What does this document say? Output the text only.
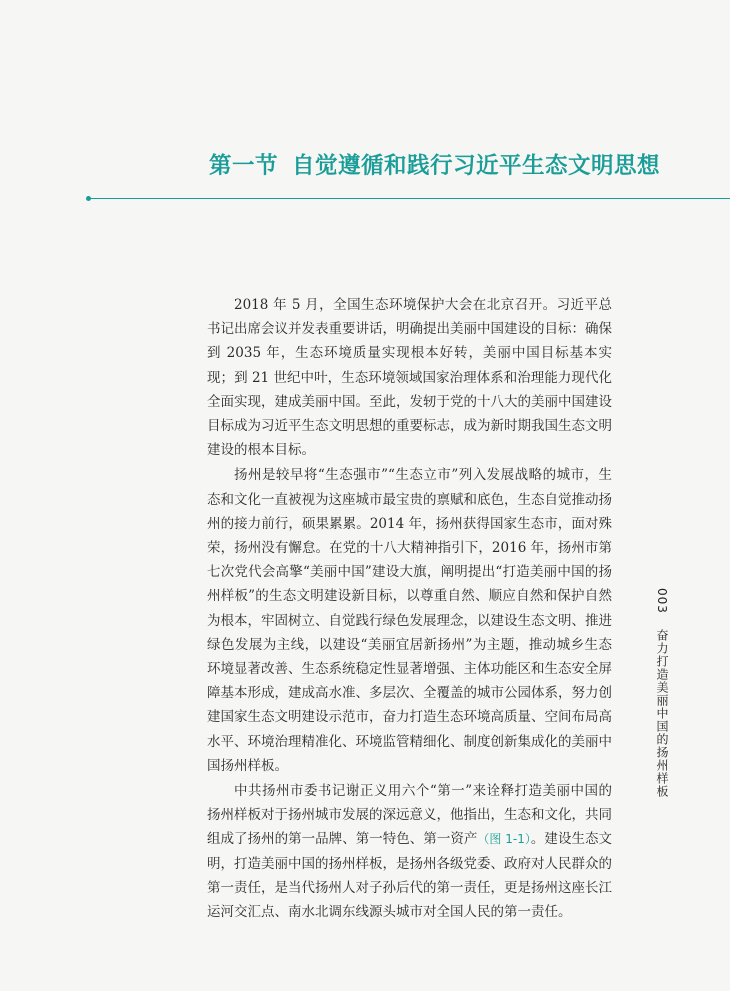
第一节 自觉遵循和践行习近平生态文明思想

2018 年 5 月，全国生态环境保护大会在北京召开。习近平总书记出席会议并发表重要讲话，明确提出美丽中国建设的目标：确保到 2035 年，生态环境质量实现根本好转，美丽中国目标基本实现；到 21 世纪中叶，生态环境领域国家治理体系和治理能力现代化全面实现，建成美丽中国。至此，发轫于党的十八大的美丽中国建设目标成为习近平生态文明思想的重要标志，成为新时期我国生态文明建设的根本目标。

扬州是较早将“生态强市”“生态立市”列入发展战略的城市，生态和文化一直被视为这座城市最宝贵的禀赋和底色，生态自觉推动扬州的接力前行，硕果累累。2014 年，扬州获得国家生态市，面对殊荣，扬州没有懈怠。在党的十八大精神指引下，2016 年，扬州市第七次党代会高擎“美丽中国”建设大旗，阐明提出“打造美丽中国的扬州样板”的生态文明建设新目标，以尊重自然、顺应自然和保护自然为根本，牢固树立、自觉践行绿色发展理念，以建设生态文明、推进绿色发展为主线，以建设“美丽宜居新扬州”为主题，推动城乡生态环境显著改善、生态系统稳定性显著增强、主体功能区和生态安全屏障基本形成，建成高水准、多层次、全覆盖的城市公园体系，努力创建国家生态文明建设示范市，奋力打造生态环境高质量、空间布局高水平、环境治理精准化、环境监管精细化、制度创新集成化的美丽中国扬州样板。

中共扬州市委书记谢正义用六个“第一”来诠释打造美丽中国的扬州样板对于扬州城市发展的深远意义，他指出，生态和文化，共同组成了扬州的第一品牌、第一特色、第一资产（图 1-1）。建设生态文明，打造美丽中国的扬州样板，是扬州各级党委、政府对人民群众的第一责任，是当代扬州人对子孙后代的第一责任，更是扬州这座长江运河交汇点、南水北调东线源头城市对全国人民的第一责任。

003 奋力打造美丽中国的扬州样板
